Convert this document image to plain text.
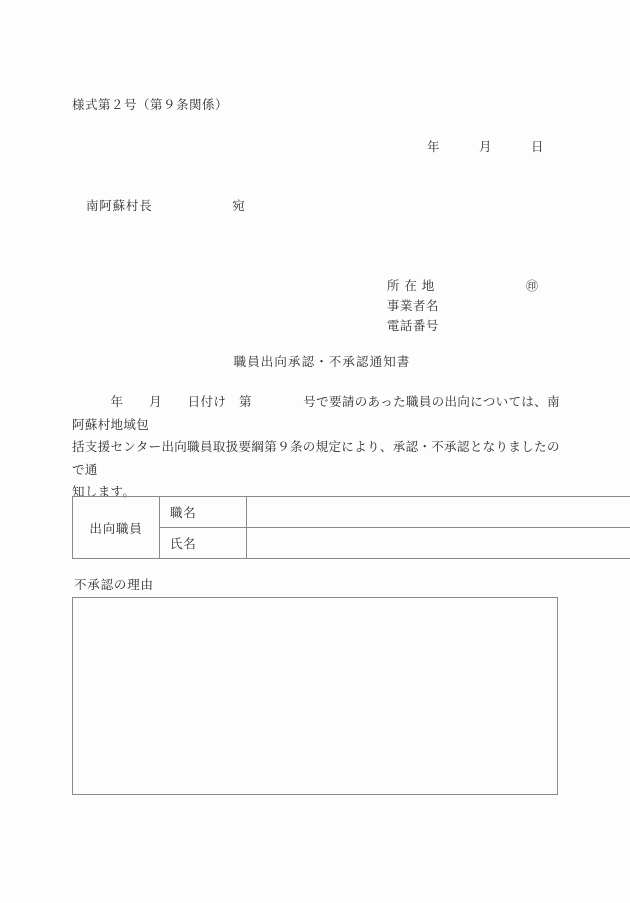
様式第２号（第９条関係）
年　　　月　　　日
南阿蘇村長　　　　　　宛

所 在 地

事業者名

㊞

電話番号

職員出向承認・不承認通知書

　　　年　　月　　日付け　第　　　　号で要請のあった職員の出向については、南阿蘇村地域包

括支援センター出向職員取扱要綱第９条の規定により、承認・不承認となりましたので通

知します。

出向職員	職名	
	氏名	
不承認の理由
